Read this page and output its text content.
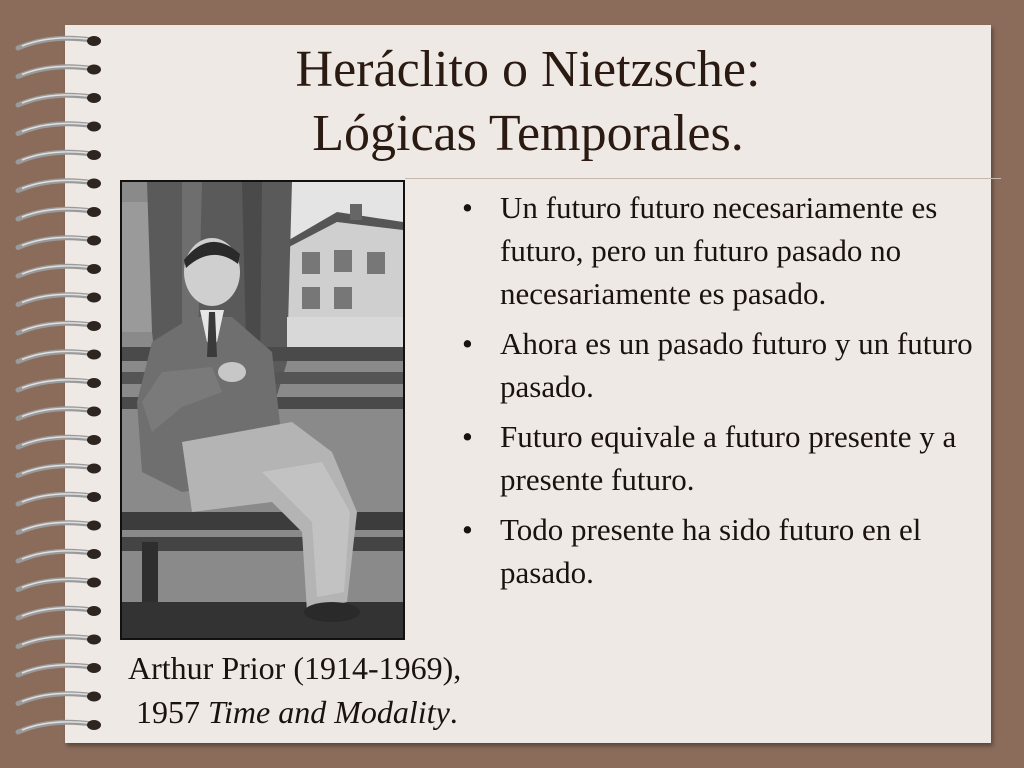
Heráclito o Nietzsche:
Lógicas Temporales.
• Un futuro futuro necesariamente es futuro, pero un futuro pasado no necesariamente es pasado.
• Ahora es un pasado futuro y un futuro pasado.
• Futuro equivale a futuro presente y a presente futuro.
• Todo presente ha sido futuro en el pasado.
Arthur Prior (1914-1969),
1957 Time and Modality.
